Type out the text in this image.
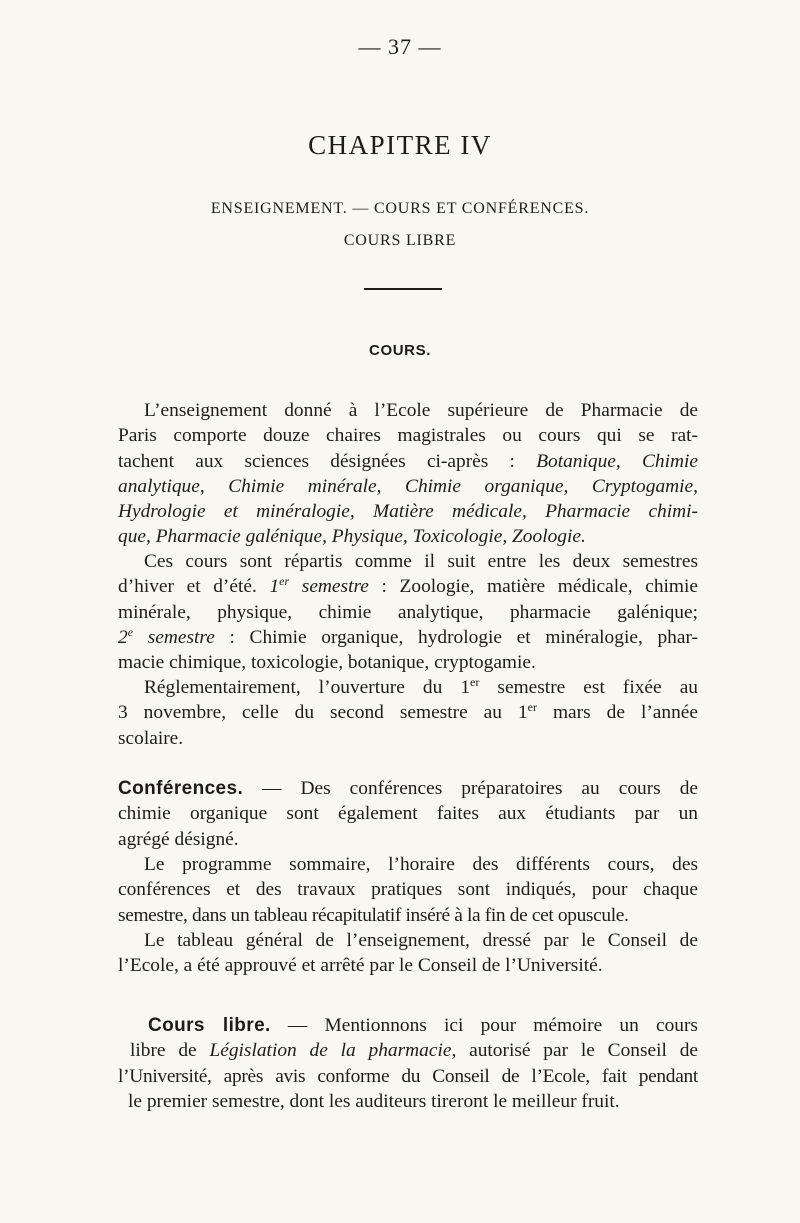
— 37 —
CHAPITRE IV
ENSEIGNEMENT. — COURS ET CONFÉRENCES.
COURS LIBRE
COURS.
L’enseignement donné à l’Ecole supérieure de Pharmacie de
Paris comporte douze chaires magistrales ou cours qui se rat-
tachent aux sciences désignées ci-après : Botanique, Chimie
analytique, Chimie minérale, Chimie organique, Cryptogamie,
Hydrologie et minéralogie, Matière médicale, Pharmacie chimi-
que, Pharmacie galénique, Physique, Toxicologie, Zoologie.
Ces cours sont répartis comme il suit entre les deux semestres
d’hiver et d’été. 1er semestre : Zoologie, matière médicale, chimie
minérale, physique, chimie analytique, pharmacie galénique;
2e semestre : Chimie organique, hydrologie et minéralogie, phar-
macie chimique, toxicologie, botanique, cryptogamie.
Réglementairement, l’ouverture du 1er semestre est fixée au
3 novembre, celle du second semestre au 1er mars de l’année
scolaire.
Conférences. — Des conférences préparatoires au cours de
chimie organique sont également faites aux étudiants par un
agrégé désigné.
Le programme sommaire, l’horaire des différents cours, des
conférences et des travaux pratiques sont indiqués, pour chaque
semestre, dans un tableau récapitulatif inséré à la fin de cet opuscule.
Le tableau général de l’enseignement, dressé par le Conseil de
l’Ecole, a été approuvé et arrêté par le Conseil de l’Université.
Cours libre. — Mentionnons ici pour mémoire un cours
libre de Législation de la pharmacie, autorisé par le Conseil de
l’Université, après avis conforme du Conseil de l’Ecole, fait pendant
le premier semestre, dont les auditeurs tireront le meilleur fruit.
